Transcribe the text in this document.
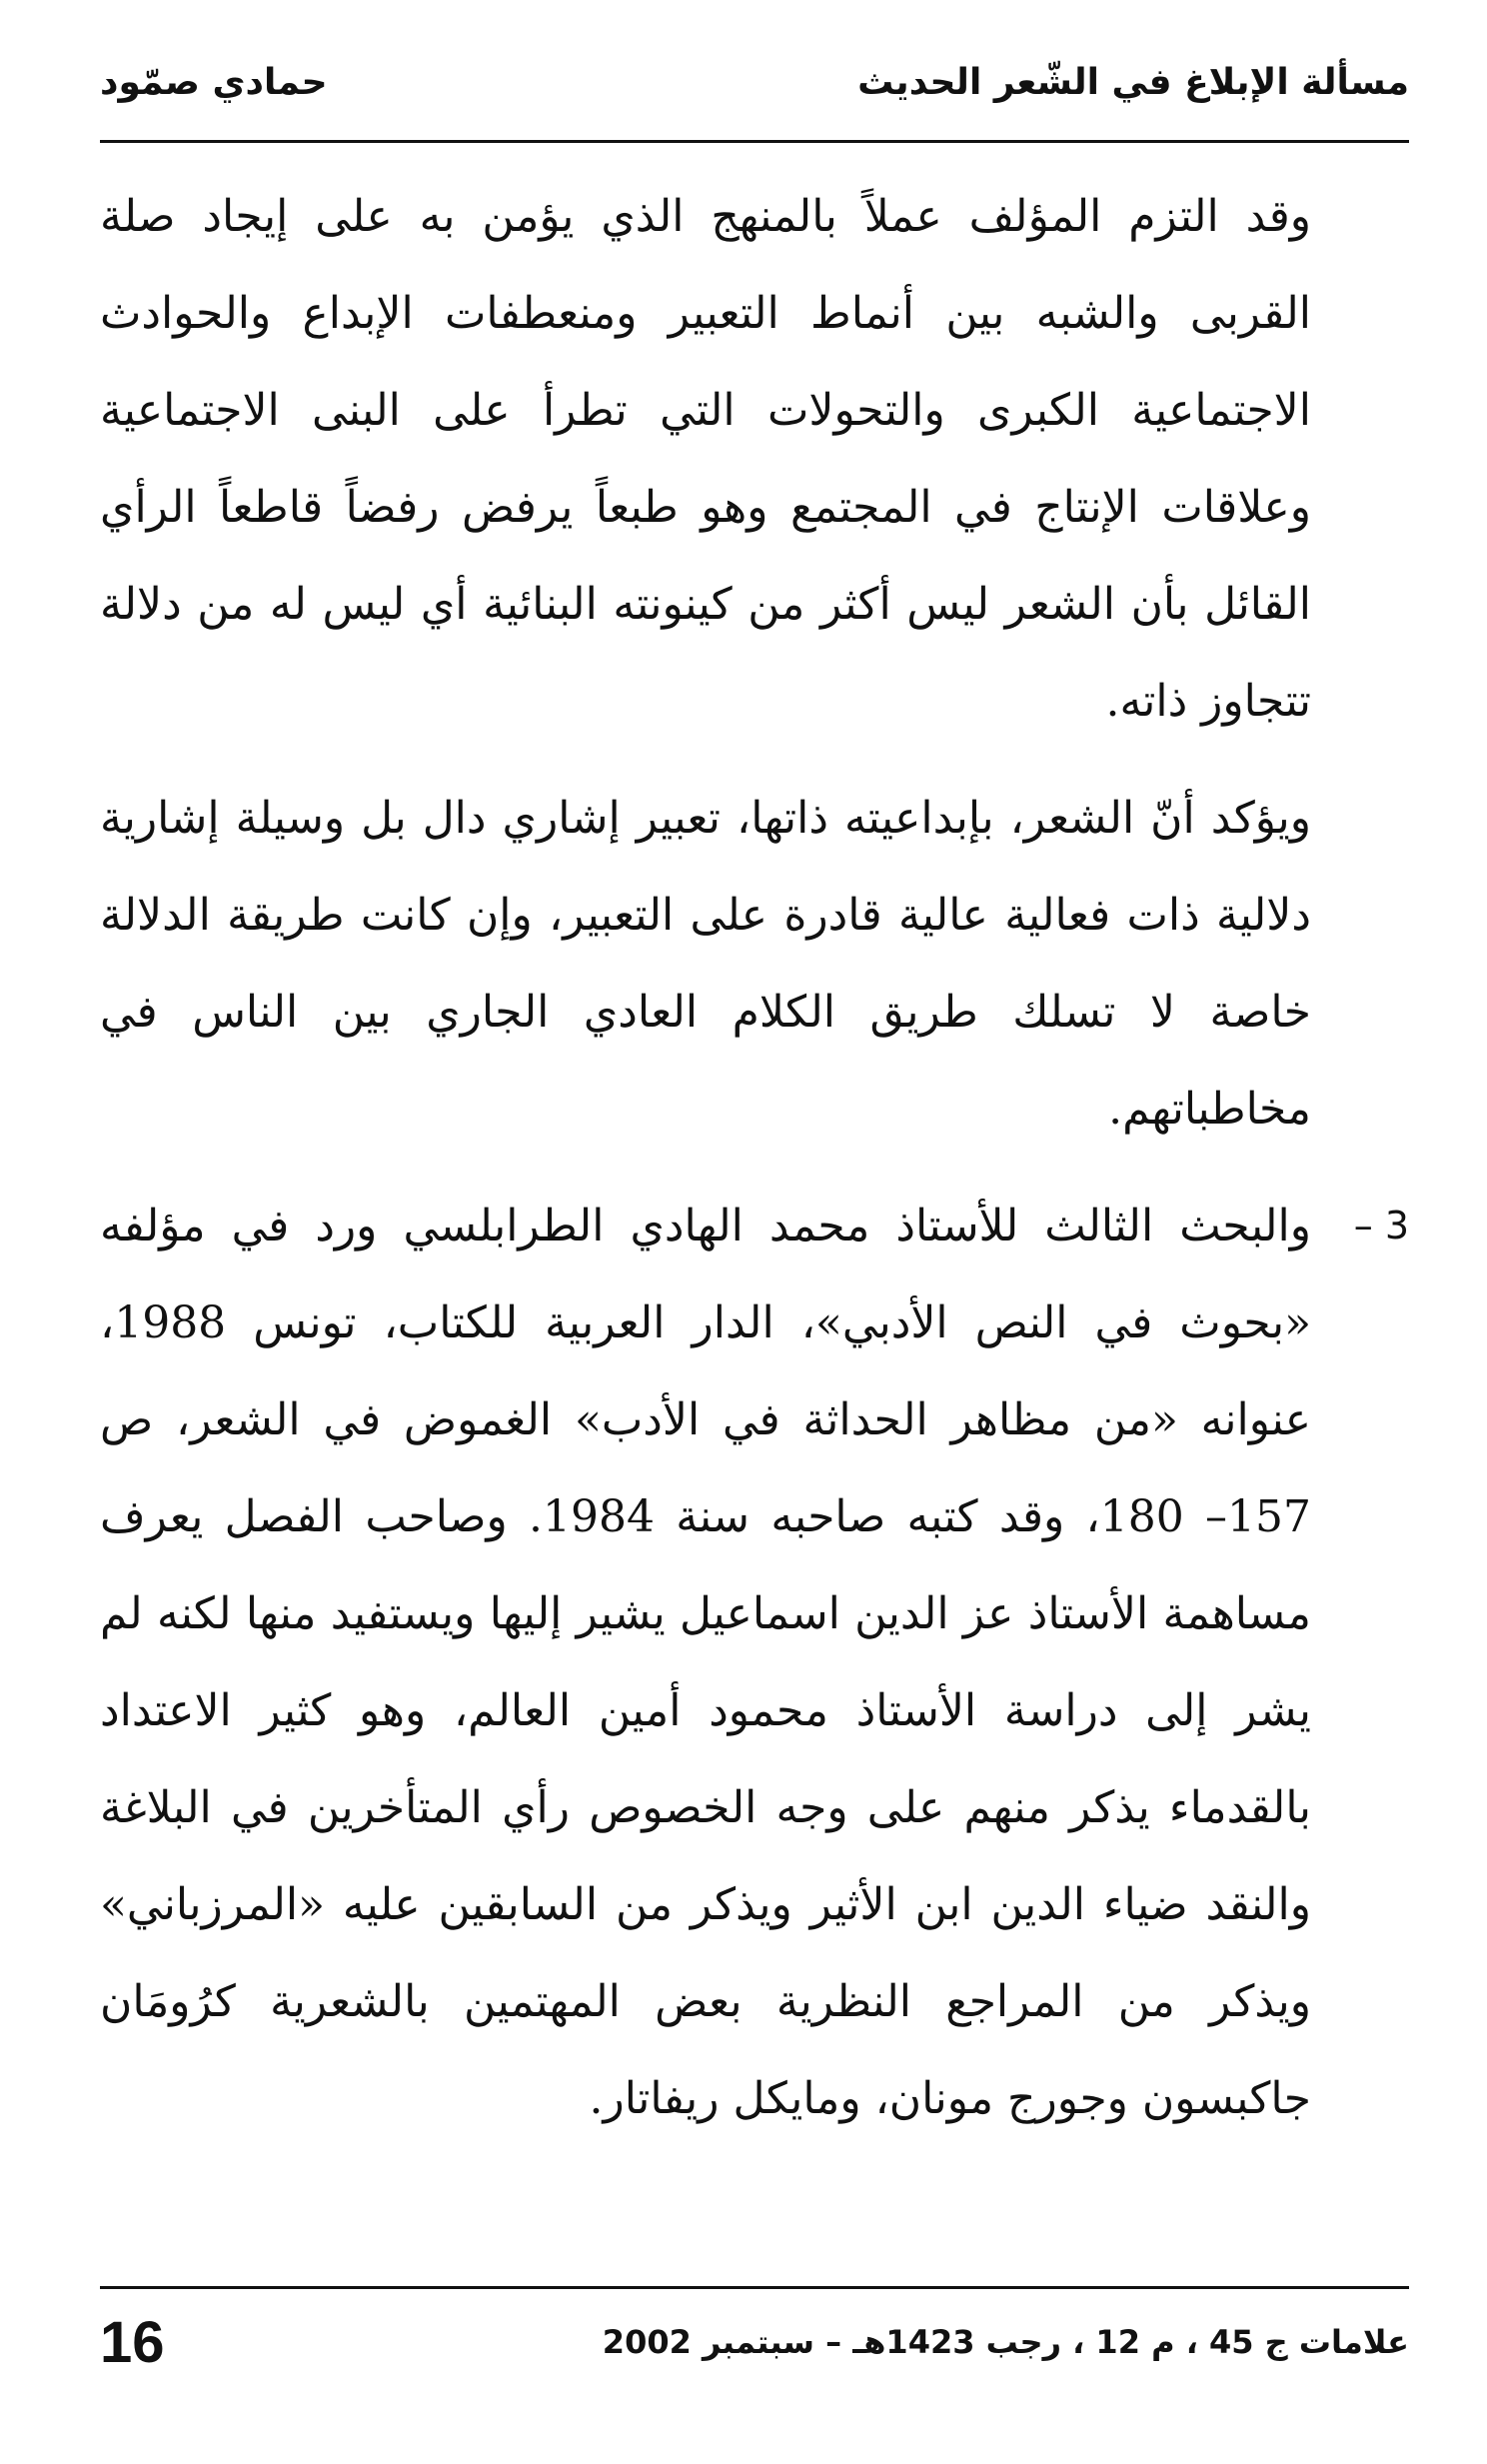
مسألة الإبلاغ في الشّعر الحديث
حمادي صمّود

وقد التزم المؤلف عملاً بالمنهج الذي يؤمن به على إيجاد صلة القربى والشبه بين أنماط التعبير ومنعطفات الإبداع والحوادث الاجتماعية الكبرى والتحولات التي تطرأ على البنى الاجتماعية وعلاقات الإنتاج في المجتمع وهو طبعاً يرفض رفضاً قاطعاً الرأي القائل بأن الشعر ليس أكثر من كينونته البنائية أي ليس له من دلالة تتجاوز ذاته.

ويؤكد أنّ الشعر، بإبداعيته ذاتها، تعبير إشاري دال بل وسيلة إشارية دلالية ذات فعالية عالية قادرة على التعبير، وإن كانت طريقة الدلالة خاصة لا تسلك طريق الكلام العادي الجاري بين الناس في مخاطباتهم.

3 –

والبحث الثالث للأستاذ محمد الهادي الطرابلسي ورد في مؤلفه «بحوث في النص الأدبي»، الدار العربية للكتاب، تونس 1988، عنوانه «من مظاهر الحداثة في الأدب» الغموض في الشعر، ص 157– 180، وقد كتبه صاحبه سنة 1984. وصاحب الفصل يعرف مساهمة الأستاذ عز الدين اسماعيل يشير إليها ويستفيد منها لكنه لم يشر إلى دراسة الأستاذ محمود أمين العالم، وهو كثير الاعتداد بالقدماء يذكر منهم على وجه الخصوص رأي المتأخرين في البلاغة والنقد ضياء الدين ابن الأثير ويذكر من السابقين عليه «المرزباني» ويذكر من المراجع النظرية بعض المهتمين بالشعرية كرُومَان جاكبسون وجورج مونان، ومايكل ريفاتار.

علامات ج 45 ، م 12 ، رجب 1423هـ – سبتمبر 2002
16
